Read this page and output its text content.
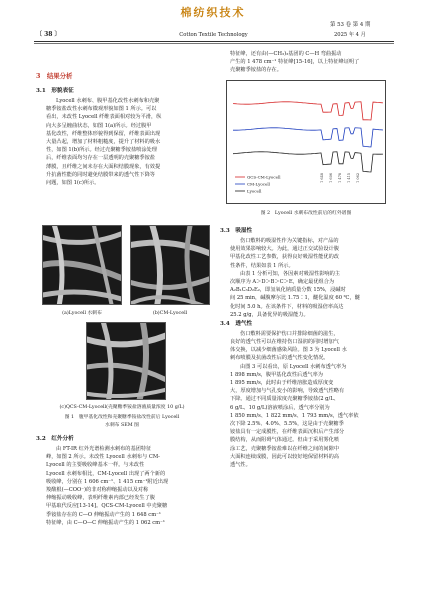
棉纺织技术
〔 38 〕	Cotton Textile Technology
第 53 卷 第 4 期
2025 年 4 月
3　结果分析
3.1　形貌表征
Lyocell 水刺布、腹甲基化改性水刺布和壳聚
糖季铵盐改性水刺布微观形貌如图 1 所示。可以
看出，未改性 Lyocell 纤维表面相对较为平滑，纵
向大多呈缠曲状态，如图 1(a)所示。经过腹甲
基化改性，纤维整体形貌得到保留，纤维表面出现
大量凸起，增加了材料粗糙度，提升了材料的吸水
性，如图 1(b)所示。经过壳聚糖季铵盐喷涂处理
后，纤维表面均匀存在一层透明的壳聚糖季铵盐
薄膜，且纤维之间未存在大面积结膜现象，有效提
升抗菌性能的同时避免结膜带来的透气性下降等
问题，如图 1(c)所示。
(a)Lyocell 水刺布	(b)CM-Lyocell
(c)QCS-CM-Lyocell(壳聚糖季铵盐溶液质量浓度 10 g/L)
图 1　腹甲基化改性和壳聚糖季铵盐改性前后 Lyocell
水刺布 SEM 图
3.2　红外分析
由 FT-IR 红外光谱检测水刺布的基团特征
峰，如图 2 所示。未改性 Lyocell 水刺布与 CM-
Lyocell 的主要吸收峰基本一样。与未改性
Lyocell 水刺布相比，CM-Lyocell 出现了两个新的
吸收峰，分别在 1 606 cm⁻¹、1 415 cm⁻¹附近出现
羧酸根(—COO⁻)的非对称伸缩振动以及对称
伸缩振动吸收峰，表明纤维素内部已经发生了腹
甲基取代反应[13-14]。QCS-CM-Lyocell 中壳聚糖
季铵盐存在的 C—O 伸缩振动产生的 1 648 cm⁻¹
特征峰，由 C—O—C 伸缩振动产生的 1 062 cm⁻¹
特征峰，还有由(—CH₃)₃基团的 C—H 弯曲振动
产生的 1 478 cm⁻¹ 特征峰[15-16]，以上特征峰证明了
壳聚糖季铵盐的存在。
1 648 1 606 1 478 1 415 1 062
QCS-CM-Lyocell
CM-Lyocell
Lyocell
图 2　Lyocell 水刺布改性前后的红外谱图
3.3　吸湿性
伤口敷料的吸湿性作为关键指标，对产品的
使用效果影响较大。为此，通过正交试验设计腹
甲基化改性工艺参数，获得良好吸湿性能优的改
性条件，结果如表 1 所示。
由表 1 分析可知，各因素对吸湿性影响的主
次顺序为 A＞D＞B＞C＞E，确定最优组合为
A₂B₁C₃D₂E₂，即氢氧化钠质量分数 15%，浸碱时
间 25 min，碱腹摩尔比 1.75∶1，醚化温度 60 ℃，醚
化时间 5.0 h。在该条件下，材料的吸湿倍率高达
25.2 g/g，具备优异的吸湿能力。
3.4　透气性
伤口敷料需要保护伤口并排除细菌的滋生，
良好的透气性可以在维持伤口湿润的同时增加气
体交换，以减少细菌感染风险。图 3 为 Lyocell 水
刺布喷膜及抗菌改性后的透气性变化情况。
由图 3 可以看出，原 Lyocell 水刺布透气率为
1 898 mm/s，腹甲基化改性后透气率为
1 895 mm/s，此时由于纤维溶胀造成厚度变
大，厚度增加与气孔变小的影响，导致透气性略有
下降。通过不同质量浓度壳聚糖季铵盐(2 g/L、
6 g/L、10 g/L)溶液喷涂后，透气率分别为
1 850 mm/s、1 822 mm/s、1 793 mm/s，透气率依
次下降 2.5%、4.0%、5.5%，这是由于壳聚糖季
铵盐具有一定成膜性，在纤维表面沉积后产生部分
膜结构，从而阻碍气体通过。但由于采用雾化喷
涂工艺，壳聚糖季铵盐难以在纤维之间的间隙中
大面积连续成膜，因此可以较好地保留材料的高
透气性。
